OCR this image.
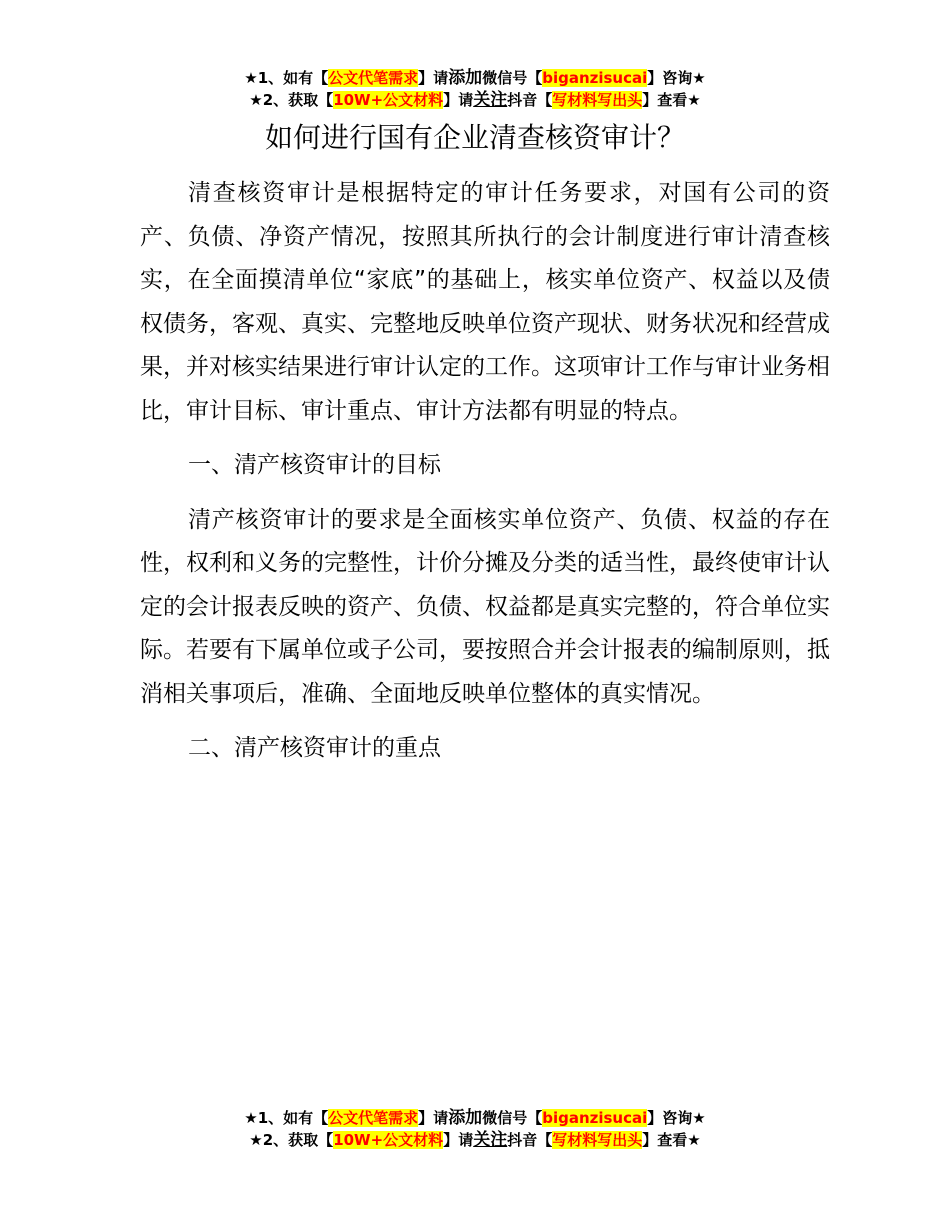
★1、如有【公文代笔需求】请添加微信号【biganzisucai】咨询★
★2、获取【10W+公文材料】请关注抖音【写材料写出头】查看★
如何进行国有企业清查核资审计？

清查核资审计是根据特定的审计任务要求，对国有公司的资产、负债、净资产情况，按照其所执行的会计制度进行审计清查核实，在全面摸清单位“家底”的基础上，核实单位资产、权益以及债权债务，客观、真实、完整地反映单位资产现状、财务状况和经营成果，并对核实结果进行审计认定的工作。这项审计工作与审计业务相比，审计目标、审计重点、审计方法都有明显的特点。

一、清产核资审计的目标

清产核资审计的要求是全面核实单位资产、负债、权益的存在性，权利和义务的完整性，计价分摊及分类的适当性，最终使审计认定的会计报表反映的资产、负债、权益都是真实完整的，符合单位实际。若要有下属单位或子公司，要按照合并会计报表的编制原则，抵消相关事项后，准确、全面地反映单位整体的真实情况。

二、清产核资审计的重点

★1、如有【公文代笔需求】请添加微信号【biganzisucai】咨询★
★2、获取【10W+公文材料】请关注抖音【写材料写出头】查看★
